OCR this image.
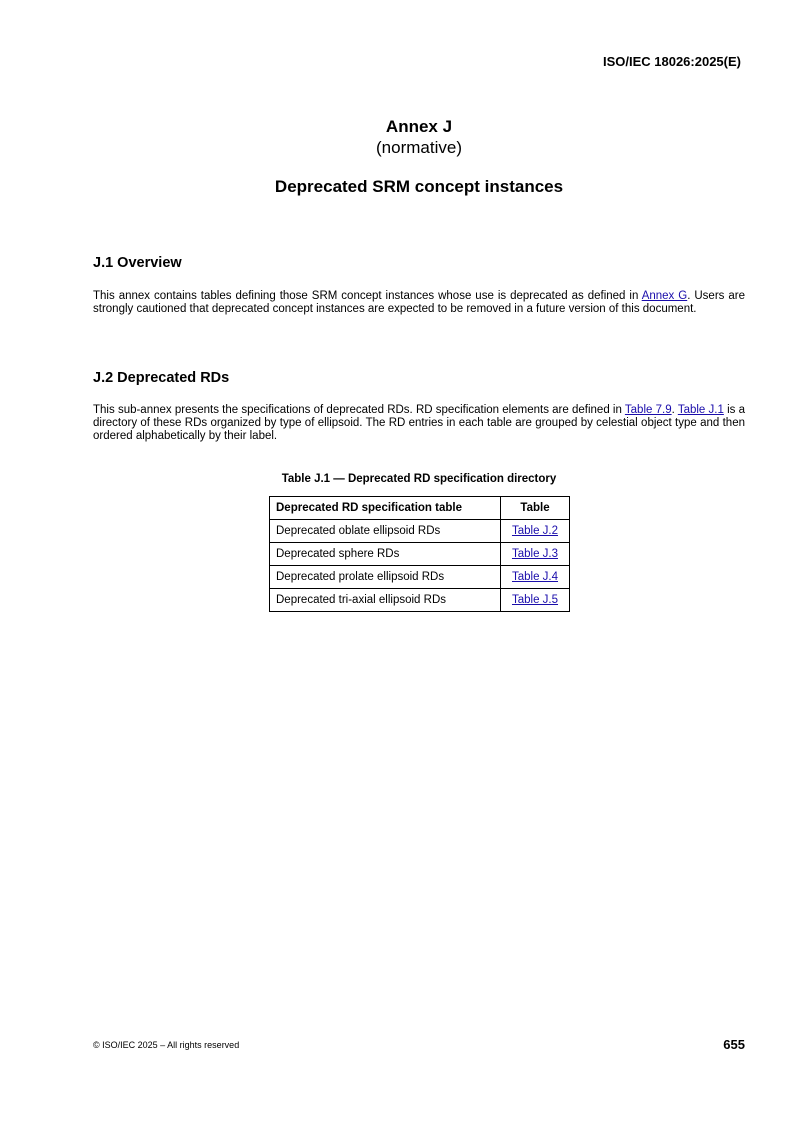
ISO/IEC 18026:2025(E)
Annex J
(normative)
Deprecated SRM concept instances
J.1 Overview
This annex contains tables defining those SRM concept instances whose use is deprecated as defined in Annex G. Users are strongly cautioned that deprecated concept instances are expected to be removed in a future version of this document.
J.2 Deprecated RDs
This sub-annex presents the specifications of deprecated RDs. RD specification elements are defined in Table 7.9. Table J.1 is a directory of these RDs organized by type of ellipsoid. The RD entries in each table are grouped by celestial object type and then ordered alphabetically by their label.
Table J.1 — Deprecated RD specification directory
Deprecated RD specification table	Table
Deprecated oblate ellipsoid RDs	Table J.2
Deprecated sphere RDs	Table J.3
Deprecated prolate ellipsoid RDs	Table J.4
Deprecated tri-axial ellipsoid RDs	Table J.5
© ISO/IEC 2025 – All rights reserved	655
